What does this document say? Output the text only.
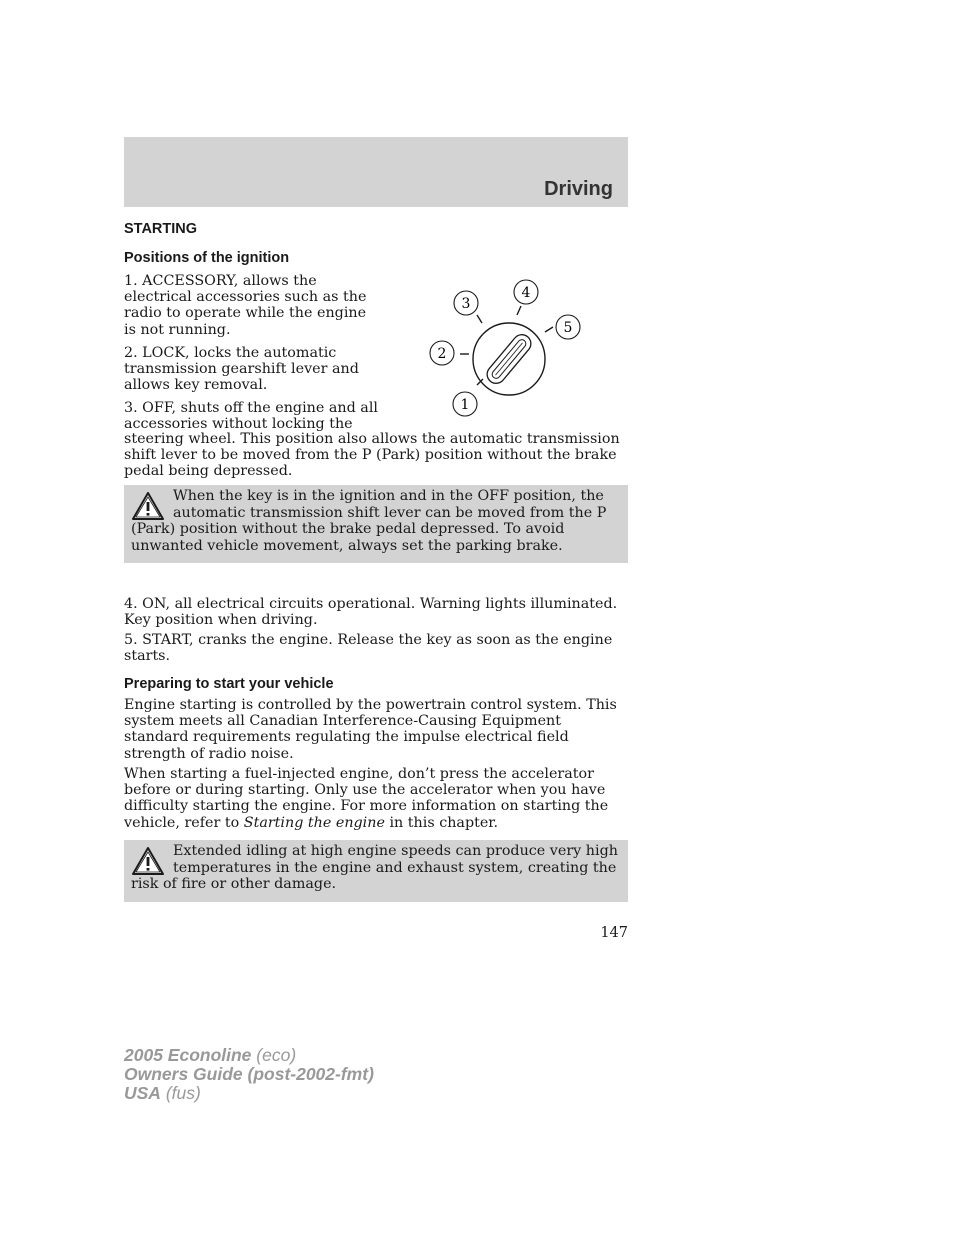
Driving
STARTING
Positions of the ignition

1. ACCESSORY, allows the electrical accessories such as the radio to operate while the engine is not running.

2. LOCK, locks the automatic transmission gearshift lever and allows key removal.

3. OFF, shuts off the engine and all accessories without locking the

steering wheel. This position also allows the automatic transmission shift lever to be moved from the P (Park) position without the brake pedal being depressed.

1
2
3
4
5

When the key is in the ignition and in the OFF position, the automatic transmission shift lever can be moved from the P (Park) position without the brake pedal depressed. To avoid unwanted vehicle movement, always set the parking brake.

4. ON, all electrical circuits operational. Warning lights illuminated. Key position when driving.

5. START, cranks the engine. Release the key as soon as the engine starts.

Preparing to start your vehicle

Engine starting is controlled by the powertrain control system. This system meets all Canadian Interference-Causing Equipment standard requirements regulating the impulse electrical field strength of radio noise.

When starting a fuel-injected engine, don’t press the accelerator before or during starting. Only use the accelerator when you have difficulty starting the engine. For more information on starting the vehicle, refer to Starting the engine in this chapter.

Extended idling at high engine speeds can produce very high temperatures in the engine and exhaust system, creating the risk of fire or other damage.

147
2005 Econoline (eco)
Owners Guide (post-2002-fmt)
USA (fus)
